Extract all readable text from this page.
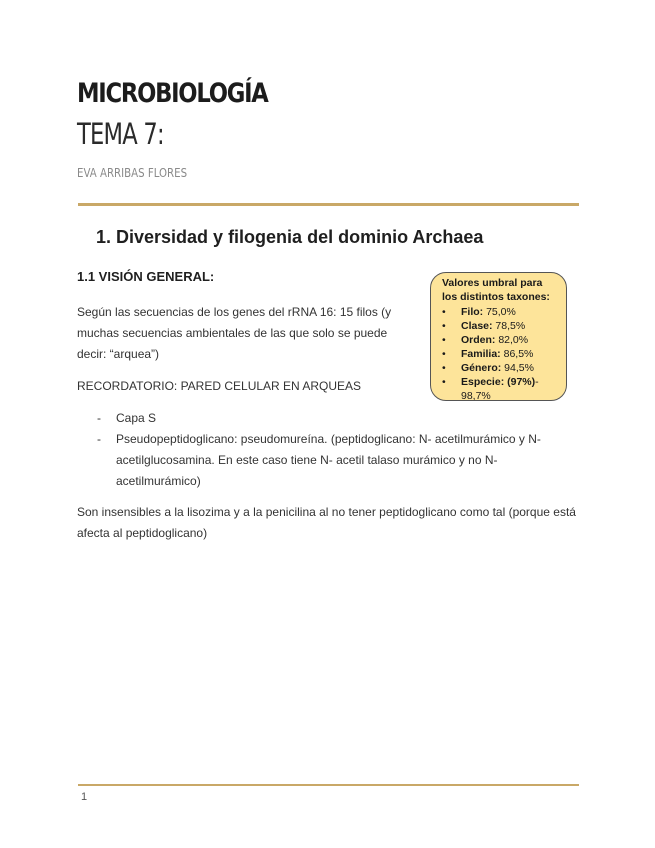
MICROBIOLOGÍA
TEMA 7:
EVA ARRIBAS FLORES
1. Diversidad y filogenia del dominio Archaea
1.1 VISIÓN GENERAL:

Según las secuencias de los genes del rRNA 16: 15 filos (y muchas secuencias ambientales de las que solo se puede decir: “arquea”)

RECORDATORIO: PARED CELULAR EN ARQUEAS

- Capa S
- Pseudopeptidoglicano: pseudomureína. (peptidoglicano: N- acetilmurámico y N-acetilglucosamina. En este caso tiene N- acetil talaso murámico y no N-acetilmurámico)

Son insensibles a la lisozima y a la penicilina al no tener peptidoglicano como tal (porque está afecta al peptidoglicano)

Valores umbral para los distintos taxones:

• Filo: 75,0%
• Clase: 78,5%
• Orden: 82,0%
• Familia: 86,5%
• Género: 94,5%
• Especie: (97%)- 98,7%
1
